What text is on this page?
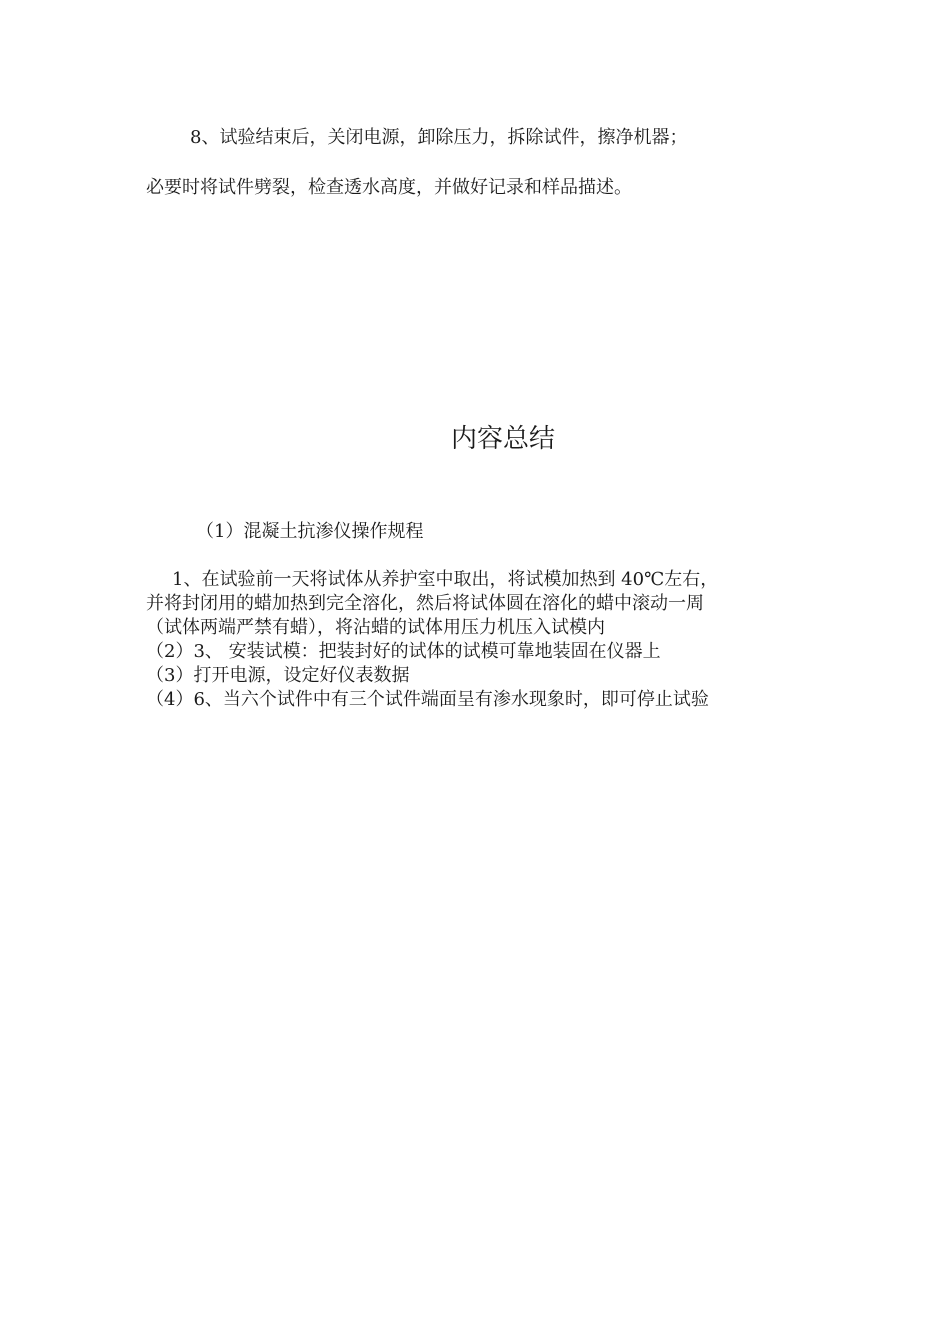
8、试验结束后，关闭电源，卸除压力，拆除试件，擦净机器；
必要时将试件劈裂，检查透水高度，并做好记录和样品描述。
内容总结
（1）混凝土抗渗仪操作规程
1、在试验前一天将试体从养护室中取出，将试模加热到 40℃左右，
并将封闭用的蜡加热到完全溶化，然后将试体圆在溶化的蜡中滚动一周
（试体两端严禁有蜡），将沾蜡的试体用压力机压入试模内
（2）3、 安装试模：把装封好的试体的试模可靠地装固在仪器上
（3）打开电源，设定好仪表数据
（4）6、当六个试件中有三个试件端面呈有渗水现象时，即可停止试验
